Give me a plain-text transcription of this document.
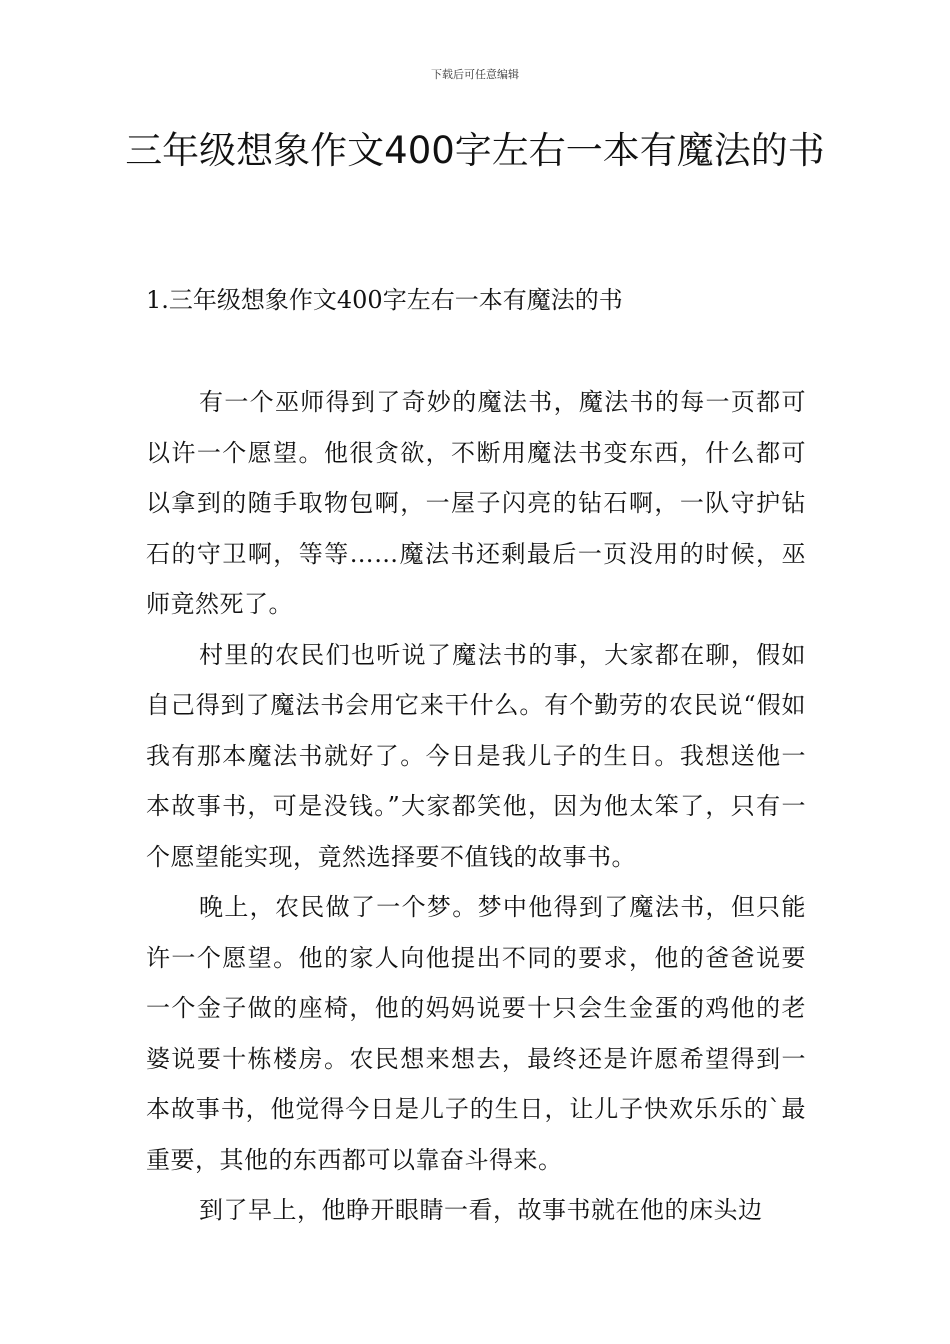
下载后可任意编辑
三年级想象作文400字左右一本有魔法的书

1.三年级想象作文400字左右一本有魔法的书

有一个巫师得到了奇妙的魔法书，魔法书的每一页都可以许一个愿望。他很贪欲，不断用魔法书变东西，什么都可以拿到的随手取物包啊，一屋子闪亮的钻石啊，一队守护钻石的守卫啊，等等……魔法书还剩最后一页没用的时候，巫师竟然死了。

村里的农民们也听说了魔法书的事，大家都在聊，假如自己得到了魔法书会用它来干什么。有个勤劳的农民说“假如我有那本魔法书就好了。今日是我儿子的生日。我想送他一本故事书，可是没钱。”大家都笑他，因为他太笨了，只有一个愿望能实现，竟然选择要不值钱的故事书。

晚上，农民做了一个梦。梦中他得到了魔法书，但只能许一个愿望。他的家人向他提出不同的要求，他的爸爸说要一个金子做的座椅，他的妈妈说要十只会生金蛋的鸡他的老婆说要十栋楼房。农民想来想去，最终还是许愿希望得到一本故事书，他觉得今日是儿子的生日，让儿子快欢乐乐的`最重要，其他的东西都可以靠奋斗得来。

到了早上，他睁开眼睛一看，故事书就在他的床头边
